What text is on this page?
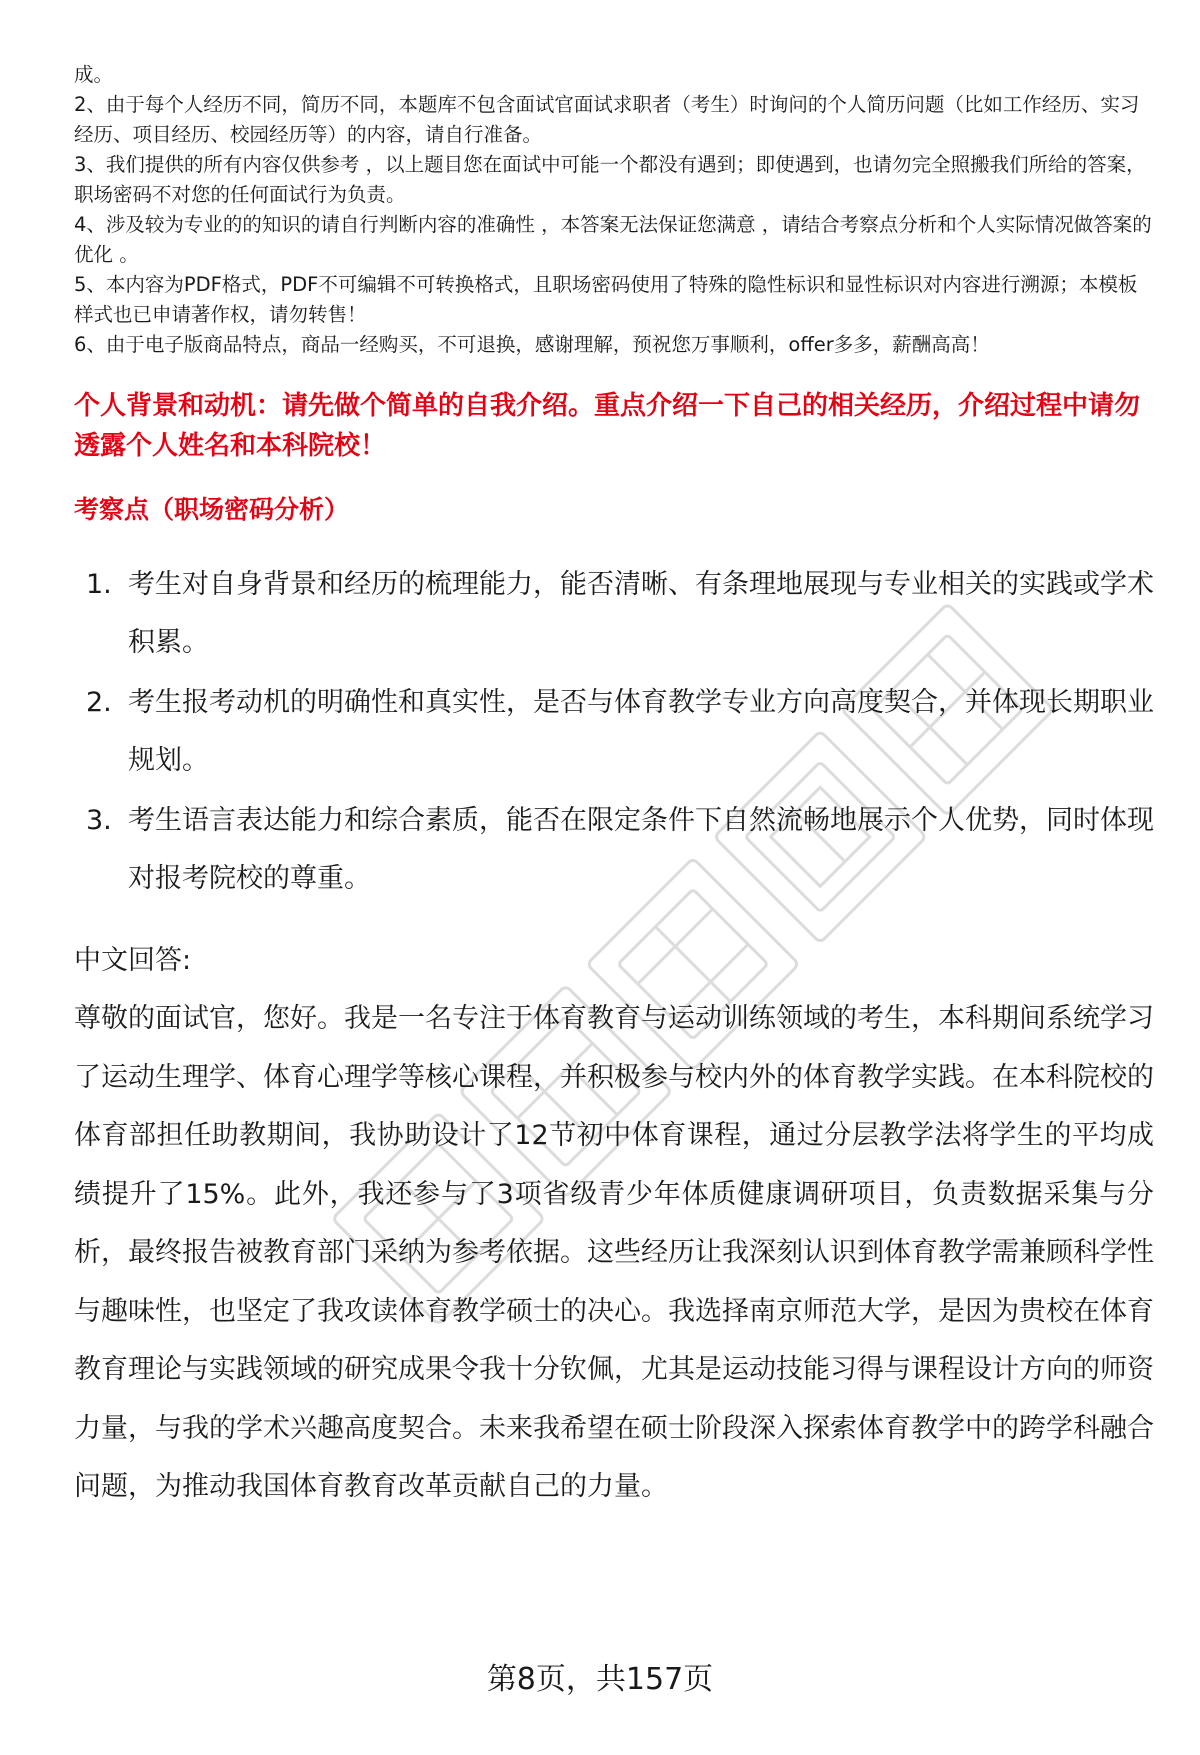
成。

2、由于每个人经历不同，简历不同，本题库不包含面试官面试求职者（考生）时询问的个人简历问题（比如工作经历、实习经历、项目经历、校园经历等）的内容，请自行准备。

3、我们提供的所有内容仅供参考 ，以上题目您在面试中可能一个都没有遇到；即使遇到，也请勿完全照搬我们所给的答案，职场密码不对您的任何面试行为负责。

4、涉及较为专业的的知识的请自行判断内容的准确性 ，本答案无法保证您满意 ，请结合考察点分析和个人实际情况做答案的优化 。

5、本内容为PDF格式，PDF不可编辑不可转换格式，且职场密码使用了特殊的隐性标识和显性标识对内容进行溯源；本模板样式也已申请著作权，请勿转售！

6、由于电子版商品特点，商品一经购买，不可退换，感谢理解，预祝您万事顺利，offer多多，薪酬高高！

个人背景和动机：请先做个简单的自我介绍。重点介绍一下自己的相关经历，介绍过程中请勿透露个人姓名和本科院校！
考察点（职场密码分析）
1. 考生对自身背景和经历的梳理能力，能否清晰、有条理地展现与专业相关的实践或学术积累。
2. 考生报考动机的明确性和真实性，是否与体育教学专业方向高度契合，并体现长期职业规划。
3. 考生语言表达能力和综合素质，能否在限定条件下自然流畅地展示个人优势，同时体现对报考院校的尊重。

中文回答:

尊敬的面试官，您好。我是一名专注于体育教育与运动训练领域的考生，本科期间系统学习了运动生理学、体育心理学等核心课程，并积极参与校内外的体育教学实践。在本科院校的体育部担任助教期间，我协助设计了12节初中体育课程，通过分层教学法将学生的平均成绩提升了15%。此外，我还参与了3项省级青少年体质健康调研项目，负责数据采集与分析，最终报告被教育部门采纳为参考依据。这些经历让我深刻认识到体育教学需兼顾科学性与趣味性，也坚定了我攻读体育教学硕士的决心。我选择南京师范大学，是因为贵校在体育教育理论与实践领域的研究成果令我十分钦佩，尤其是运动技能习得与课程设计方向的师资力量，与我的学术兴趣高度契合。未来我希望在硕士阶段深入探索体育教学中的跨学科融合问题，为推动我国体育教育改革贡献自己的力量。

第8页，共157页
